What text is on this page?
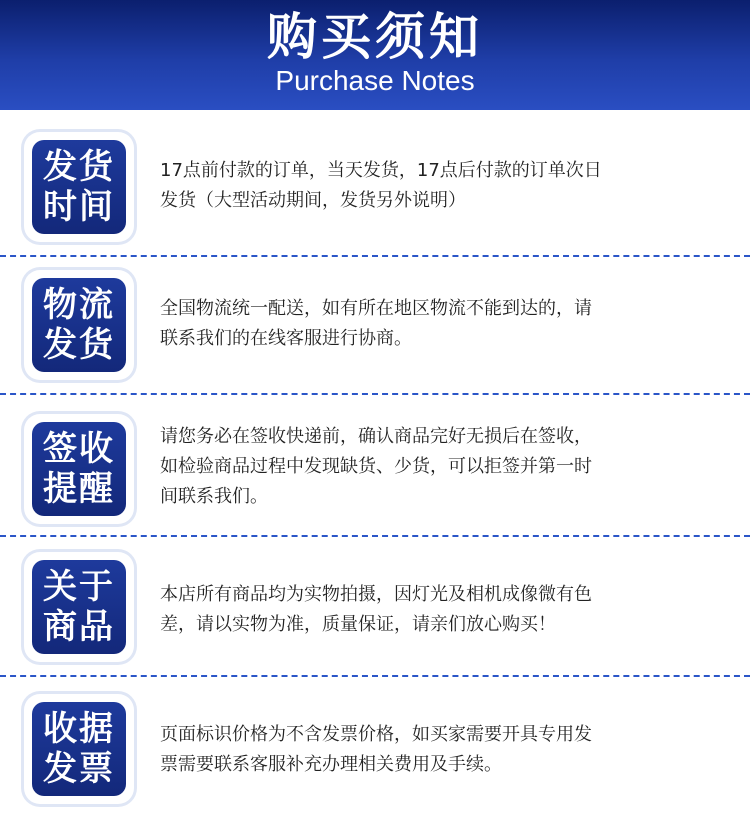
购买须知
Purchase Notes
发货
时间
17点前付款的订单，当天发货，17点后付款的订单次日
发货（大型活动期间，发货另外说明）
物流
发货
全国物流统一配送，如有所在地区物流不能到达的，请
联系我们的在线客服进行协商。
签收
提醒
请您务必在签收快递前，确认商品完好无损后在签收，
如检验商品过程中发现缺货、少货，可以拒签并第一时
间联系我们。
关于
商品
本店所有商品均为实物拍摄，因灯光及相机成像微有色
差，请以实物为准，质量保证，请亲们放心购买！
收据
发票
页面标识价格为不含发票价格，如买家需要开具专用发
票需要联系客服补充办理相关费用及手续。
